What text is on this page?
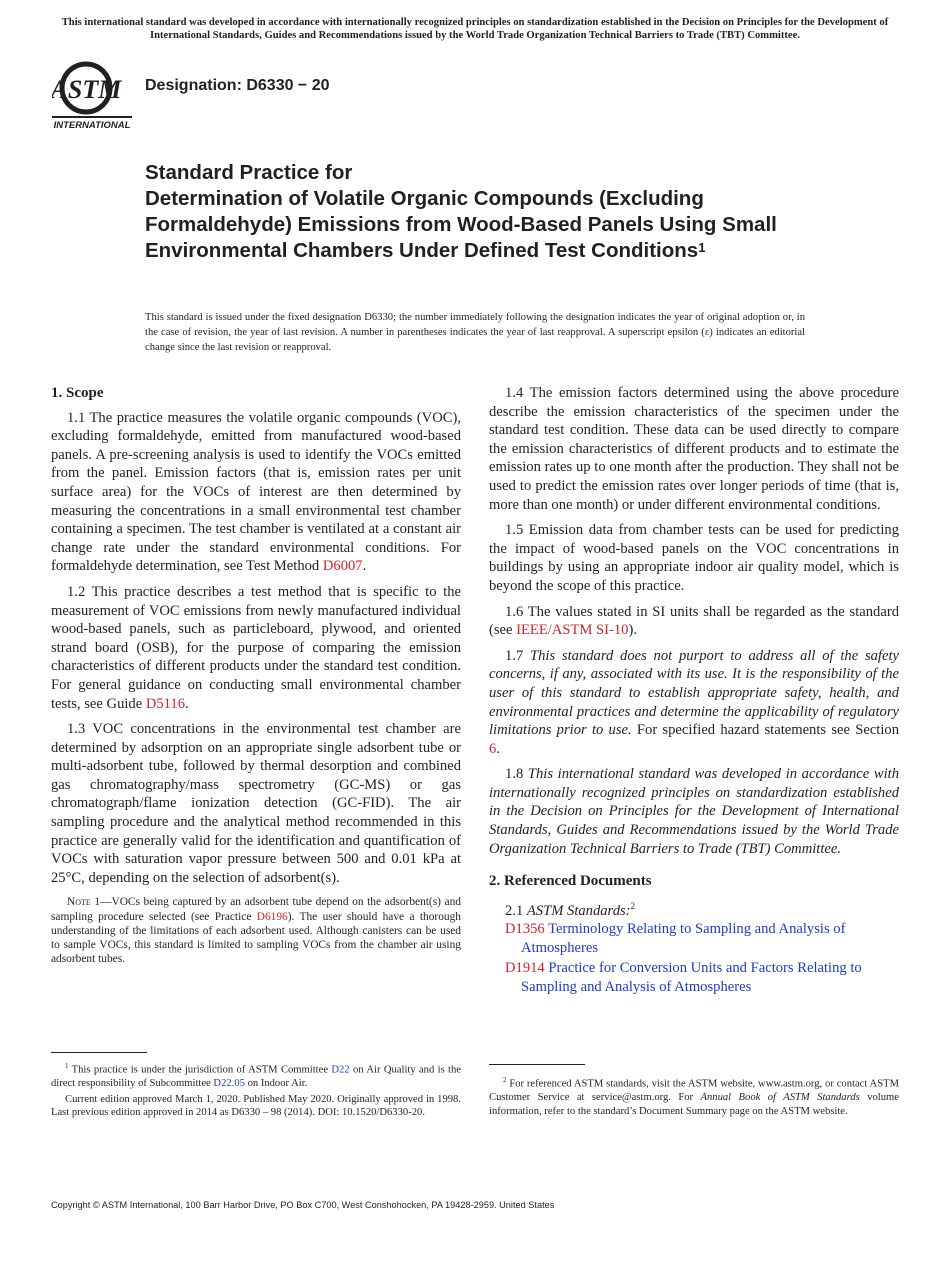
This international standard was developed in accordance with internationally recognized principles on standardization established in the Decision on Principles for the Development of International Standards, Guides and Recommendations issued by the World Trade Organization Technical Barriers to Trade (TBT) Committee.
ASTM
INTERNATIONAL
Designation: D6330 − 20
Standard Practice for
Determination of Volatile Organic Compounds (Excluding Formaldehyde) Emissions from Wood-Based Panels Using Small Environmental Chambers Under Defined Test Conditions$^1$
This standard is issued under the fixed designation D6330; the number immediately following the designation indicates the year of original adoption or, in the case of revision, the year of last revision. A number in parentheses indicates the year of last reapproval. A superscript epsilon (ε) indicates an editorial change since the last revision or reapproval.
1. Scope

1.1 The practice measures the volatile organic compounds (VOC), excluding formaldehyde, emitted from manufactured wood-based panels. A pre-screening analysis is used to identify the VOCs emitted from the panel. Emission factors (that is, emission rates per unit surface area) for the VOCs of interest are then determined by measuring the concentrations in a small environmental test chamber containing a specimen. The test chamber is ventilated at a constant air change rate under the standard environmental conditions. For formaldehyde determination, see Test Method D6007.

1.2 This practice describes a test method that is specific to the measurement of VOC emissions from newly manufactured individual wood-based panels, such as particleboard, plywood, and oriented strand board (OSB), for the purpose of comparing the emission characteristics of different products under the standard test condition. For general guidance on conducting small environmental chamber tests, see Guide D5116.

1.3 VOC concentrations in the environmental test chamber are determined by adsorption on an appropriate single adsorbent tube or multi-adsorbent tube, followed by thermal desorption and combined gas chromatography/mass spectrometry (GC-MS) or gas chromatograph/flame ionization detection (GC-FID). The air sampling procedure and the analytical method recommended in this practice are generally valid for the identification and quantification of VOCs with saturation vapor pressure between 500 and 0.01 kPa at 25°C, depending on the selection of adsorbent(s).

Note 1—VOCs being captured by an adsorbent tube depend on the adsorbent(s) and sampling procedure selected (see Practice D6196). The user should have a thorough understanding of the limitations of each adsorbent used. Although canisters can be used to sample VOCs, this standard is limited to sampling VOCs from the chamber air using adsorbent tubes.

1.4 The emission factors determined using the above procedure describe the emission characteristics of the specimen under the standard test condition. These data can be used directly to compare the emission characteristics of different products and to estimate the emission rates up to one month after the production. They shall not be used to predict the emission rates over longer periods of time (that is, more than one month) or under different environmental conditions.

1.5 Emission data from chamber tests can be used for predicting the impact of wood-based panels on the VOC concentrations in buildings by using an appropriate indoor air quality model, which is beyond the scope of this practice.

1.6 The values stated in SI units shall be regarded as the standard (see IEEE/ASTM SI-10).

1.7 This standard does not purport to address all of the safety concerns, if any, associated with its use. It is the responsibility of the user of this standard to establish appropriate safety, health, and environmental practices and determine the applicability of regulatory limitations prior to use. For specified hazard statements see Section 6.

1.8 This international standard was developed in accordance with internationally recognized principles on standardization established in the Decision on Principles for the Development of International Standards, Guides and Recommendations issued by the World Trade Organization Technical Barriers to Trade (TBT) Committee.

2. Referenced Documents
2.1 ASTM Standards:$^2$
D1356 Terminology Relating to Sampling and Analysis of Atmospheres
D1914 Practice for Conversion Units and Factors Relating to Sampling and Analysis of Atmospheres

$^1$ This practice is under the jurisdiction of ASTM Committee D22 on Air Quality and is the direct responsibility of Subcommittee D22.05 on Indoor Air.

Current edition approved March 1, 2020. Published May 2020. Originally approved in 1998. Last previous edition approved in 2014 as D6330 – 98 (2014). DOI: 10.1520/D6330-20.

$^2$ For referenced ASTM standards, visit the ASTM website, www.astm.org, or contact ASTM Customer Service at service@astm.org. For Annual Book of ASTM Standards volume information, refer to the standard’s Document Summary page on the ASTM website.

Copyright © ASTM International, 100 Barr Harbor Drive, PO Box C700, West Conshohocken, PA 19428-2959. United States
